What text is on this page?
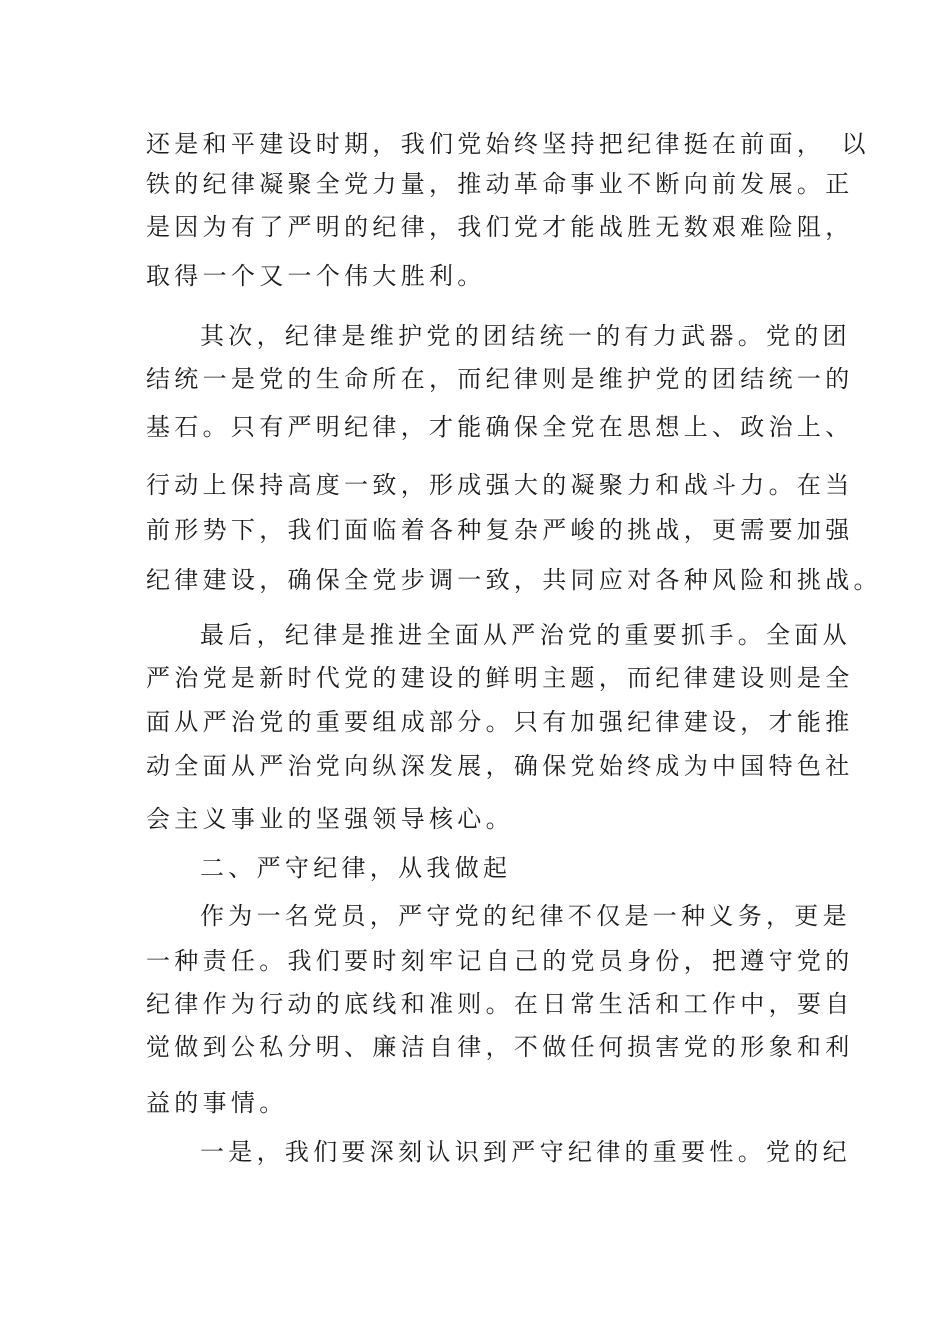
还是和平建设时期，我们党始终坚持把纪律挺在前面，　以
铁的纪律凝聚全党力量，推动革命事业不断向前发展。正
是因为有了严明的纪律，我们党才能战胜无数艰难险阻，
取得一个又一个伟大胜利。
其次，纪律是维护党的团结统一的有力武器。党的团
结统一是党的生命所在，而纪律则是维护党的团结统一的
基石。只有严明纪律，才能确保全党在思想上、政治上、
行动上保持高度一致，形成强大的凝聚力和战斗力。在当
前形势下，我们面临着各种复杂严峻的挑战，更需要加强
纪律建设，确保全党步调一致，共同应对各种风险和挑战。
最后，纪律是推进全面从严治党的重要抓手。全面从
严治党是新时代党的建设的鲜明主题，而纪律建设则是全
面从严治党的重要组成部分。只有加强纪律建设，才能推
动全面从严治党向纵深发展，确保党始终成为中国特色社
会主义事业的坚强领导核心。
二、严守纪律，从我做起
作为一名党员，严守党的纪律不仅是一种义务，更是
一种责任。我们要时刻牢记自己的党员身份，把遵守党的
纪律作为行动的底线和准则。在日常生活和工作中，要自
觉做到公私分明、廉洁自律，不做任何损害党的形象和利
益的事情。
一是，我们要深刻认识到严守纪律的重要性。党的纪
